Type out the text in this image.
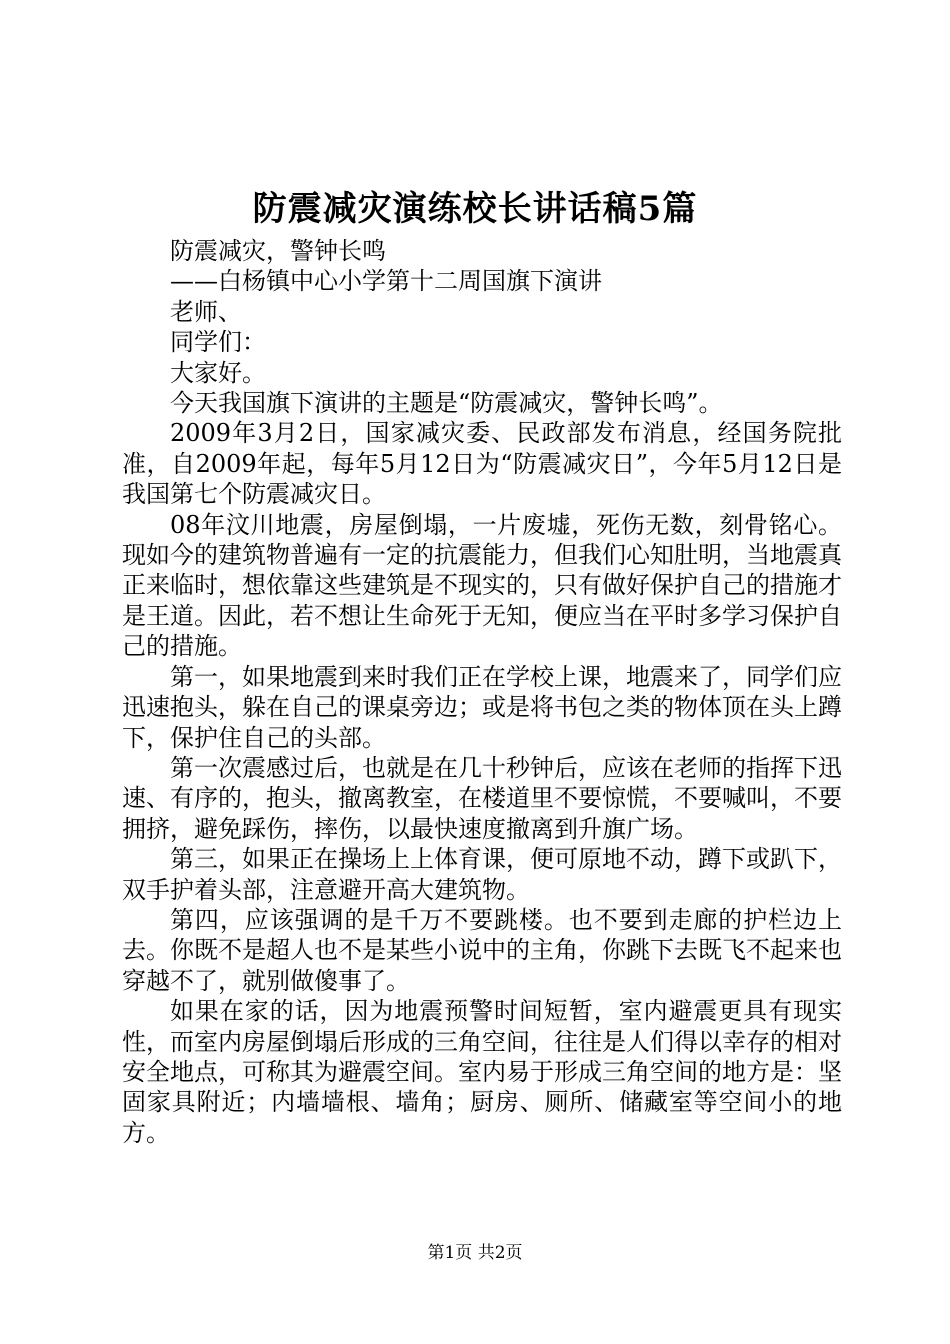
防震减灾演练校长讲话稿5篇

防震减灾，警钟长鸣

——白杨镇中心小学第十二周国旗下演讲

老师、

同学们：

大家好。

今天我国旗下演讲的主题是“防震减灾，警钟长鸣”。

2009年3月2日，国家减灾委、民政部发布消息，经国务院批准，自2009年起，每年5月12日为“防震减灾日”，今年5月12日是我国第七个防震减灾日。

08年汶川地震，房屋倒塌，一片废墟，死伤无数，刻骨铭心。现如今的建筑物普遍有一定的抗震能力，但我们心知肚明，当地震真正来临时，想依靠这些建筑是不现实的，只有做好保护自己的措施才是王道。因此，若不想让生命死于无知，便应当在平时多学习保护自己的措施。

第一，如果地震到来时我们正在学校上课，地震来了，同学们应迅速抱头，躲在自己的课桌旁边；或是将书包之类的物体顶在头上蹲下，保护住自己的头部。

第一次震感过后，也就是在几十秒钟后，应该在老师的指挥下迅速、有序的，抱头，撤离教室，在楼道里不要惊慌，不要喊叫，不要拥挤，避免踩伤，摔伤，以最快速度撤离到升旗广场。

第三，如果正在操场上上体育课，便可原地不动，蹲下或趴下，双手护着头部，注意避开高大建筑物。

第四，应该强调的是千万不要跳楼。也不要到走廊的护栏边上去。你既不是超人也不是某些小说中的主角，你跳下去既飞不起来也穿越不了，就别做傻事了。

如果在家的话，因为地震预警时间短暂，室内避震更具有现实性，而室内房屋倒塌后形成的三角空间，往往是人们得以幸存的相对安全地点，可称其为避震空间。室内易于形成三角空间的地方是：坚固家具附近；内墙墙根、墙角；厨房、厕所、储藏室等空间小的地方。

第1页 共2页
